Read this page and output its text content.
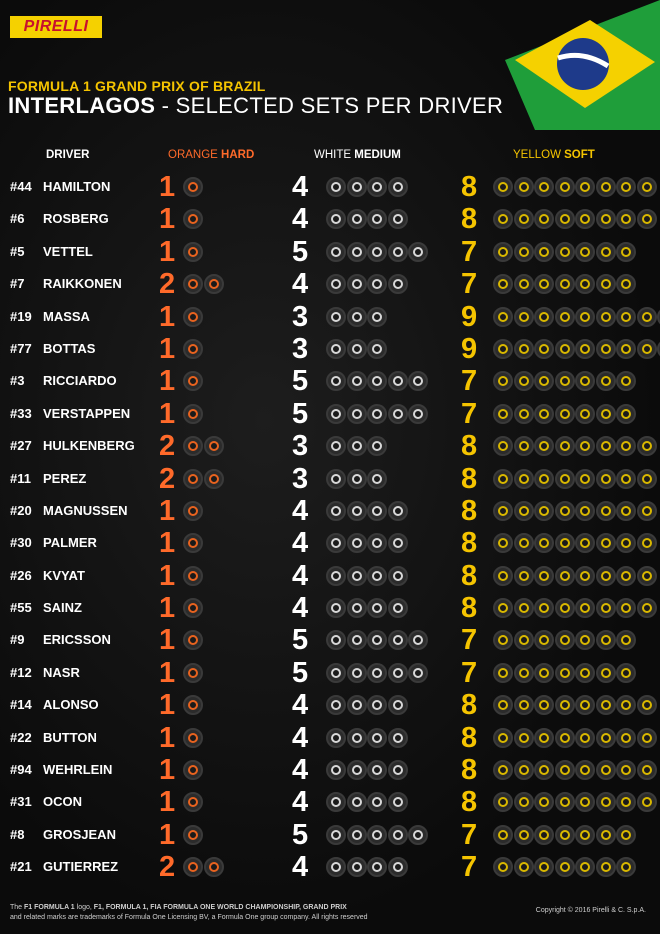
PIRELLI
FORMULA 1 GRAND PRIX OF BRAZIL
INTERLAGOS - SELECTED SETS PER DRIVER
DRIVER	ORANGE HARD	WHITE MEDIUM	YELLOW SOFT
#44 HAMILTON 1	4	8
#6 ROSBERG 1	4	8
#5 VETTEL 1	5	7
#7 RAIKKONEN 2	4	7
#19 MASSA 1	3	9
#77 BOTTAS 1	3	9
#3 RICCIARDO 1	5	7
#33 VERSTAPPEN 1	5	7
#27 HULKENBERG 2	3	8
#11 PEREZ	2	3	8
#20 MAGNUSSEN 1	4	8
#30 PALMER 1	4	8
#26 KVYAT	1	4	8
#55 SAINZ	1	4	8
#9 ERICSSON 1	5	7
#12 NASR	1	5	7
#14 ALONSO 1	4	8
#22 BUTTON 1	4	8
#94 WEHRLEIN 1	4	8
#31 OCON	1	4	8
#8 GROSJEAN 1	5	7
#21 GUTIERREZ 2	4	7
The F1 FORMULA 1 logo, F1, FORMULA 1, FIA FORMULA ONE WORLD CHAMPIONSHIP, GRAND PRIX
and related marks are trademarks of Formula One Licensing BV, a Formula One group company. All rights reserved
Copyright © 2016 Pirelli & C. S.p.A.
